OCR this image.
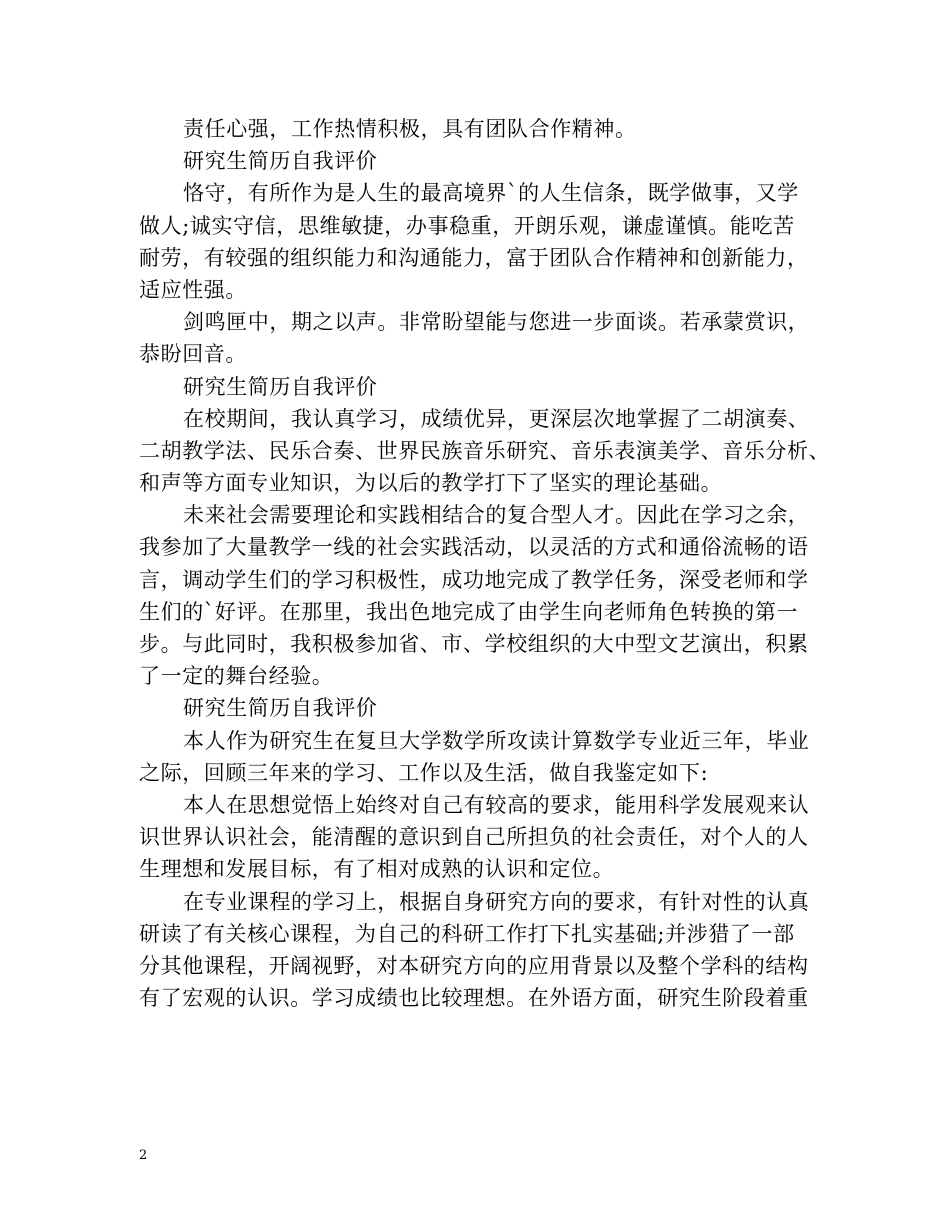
责任心强，工作热情积极，具有团队合作精神。
研究生简历自我评价
恪守，有所作为是人生的最高境界`的人生信条，既学做事，又学
做人;诚实守信，思维敏捷，办事稳重，开朗乐观，谦虚谨慎。能吃苦
耐劳，有较强的组织能力和沟通能力，富于团队合作精神和创新能力，
适应性强。
剑鸣匣中，期之以声。非常盼望能与您进一步面谈。若承蒙赏识，
恭盼回音。
研究生简历自我评价
在校期间，我认真学习，成绩优异，更深层次地掌握了二胡演奏、
二胡教学法、民乐合奏、世界民族音乐研究、音乐表演美学、音乐分析、
和声等方面专业知识，为以后的教学打下了坚实的理论基础。
未来社会需要理论和实践相结合的复合型人才。因此在学习之余，
我参加了大量教学一线的社会实践活动，以灵活的方式和通俗流畅的语
言，调动学生们的学习积极性，成功地完成了教学任务，深受老师和学
生们的`好评。在那里，我出色地完成了由学生向老师角色转换的第一
步。与此同时，我积极参加省、市、学校组织的大中型文艺演出，积累
了一定的舞台经验。
研究生简历自我评价
本人作为研究生在复旦大学数学所攻读计算数学专业近三年，毕业
之际，回顾三年来的学习、工作以及生活，做自我鉴定如下:
本人在思想觉悟上始终对自己有较高的要求，能用科学发展观来认
识世界认识社会，能清醒的意识到自己所担负的社会责任，对个人的人
生理想和发展目标，有了相对成熟的认识和定位。
在专业课程的学习上，根据自身研究方向的要求，有针对性的认真
研读了有关核心课程，为自己的科研工作打下扎实基础;并涉猎了一部
分其他课程，开阔视野，对本研究方向的应用背景以及整个学科的结构
有了宏观的认识。学习成绩也比较理想。在外语方面，研究生阶段着重
2
